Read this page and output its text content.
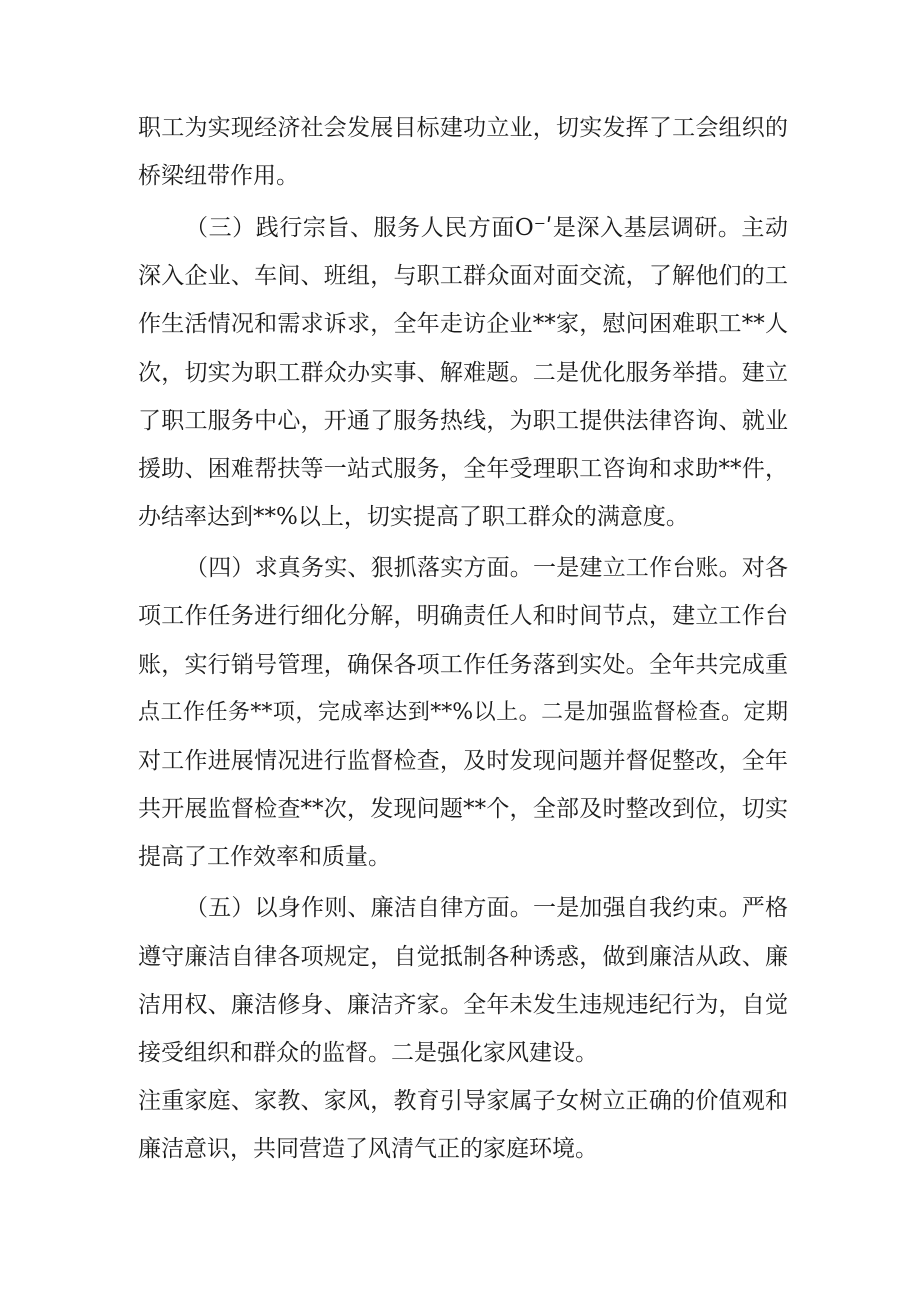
职工为实现经济社会发展目标建功立业，切实发挥了工会组织的

桥梁纽带作用。

（三）践行宗旨、服务人民方面O⁻ʹ是深入基层调研。主动

深入企业、车间、班组，与职工群众面对面交流，了解他们的工

作生活情况和需求诉求，全年走访企业**家，慰问困难职工**人

次，切实为职工群众办实事、解难题。二是优化服务举措。建立

了职工服务中心，开通了服务热线，为职工提供法律咨询、就业

援助、困难帮扶等一站式服务，全年受理职工咨询和求助**件，

办结率达到**%以上，切实提高了职工群众的满意度。

（四）求真务实、狠抓落实方面。一是建立工作台账。对各

项工作任务进行细化分解，明确责任人和时间节点，建立工作台

账，实行销号管理，确保各项工作任务落到实处。全年共完成重

点工作任务**项，完成率达到**%以上。二是加强监督检查。定期

对工作进展情况进行监督检查，及时发现问题并督促整改，全年

共开展监督检查**次，发现问题**个，全部及时整改到位，切实

提高了工作效率和质量。

（五）以身作则、廉洁自律方面。一是加强自我约束。严格

遵守廉洁自律各项规定，自觉抵制各种诱惑，做到廉洁从政、廉

洁用权、廉洁修身、廉洁齐家。全年未发生违规违纪行为，自觉

接受组织和群众的监督。二是强化家风建设。

注重家庭、家教、家风，教育引导家属子女树立正确的价值观和

廉洁意识，共同营造了风清气正的家庭环境。
